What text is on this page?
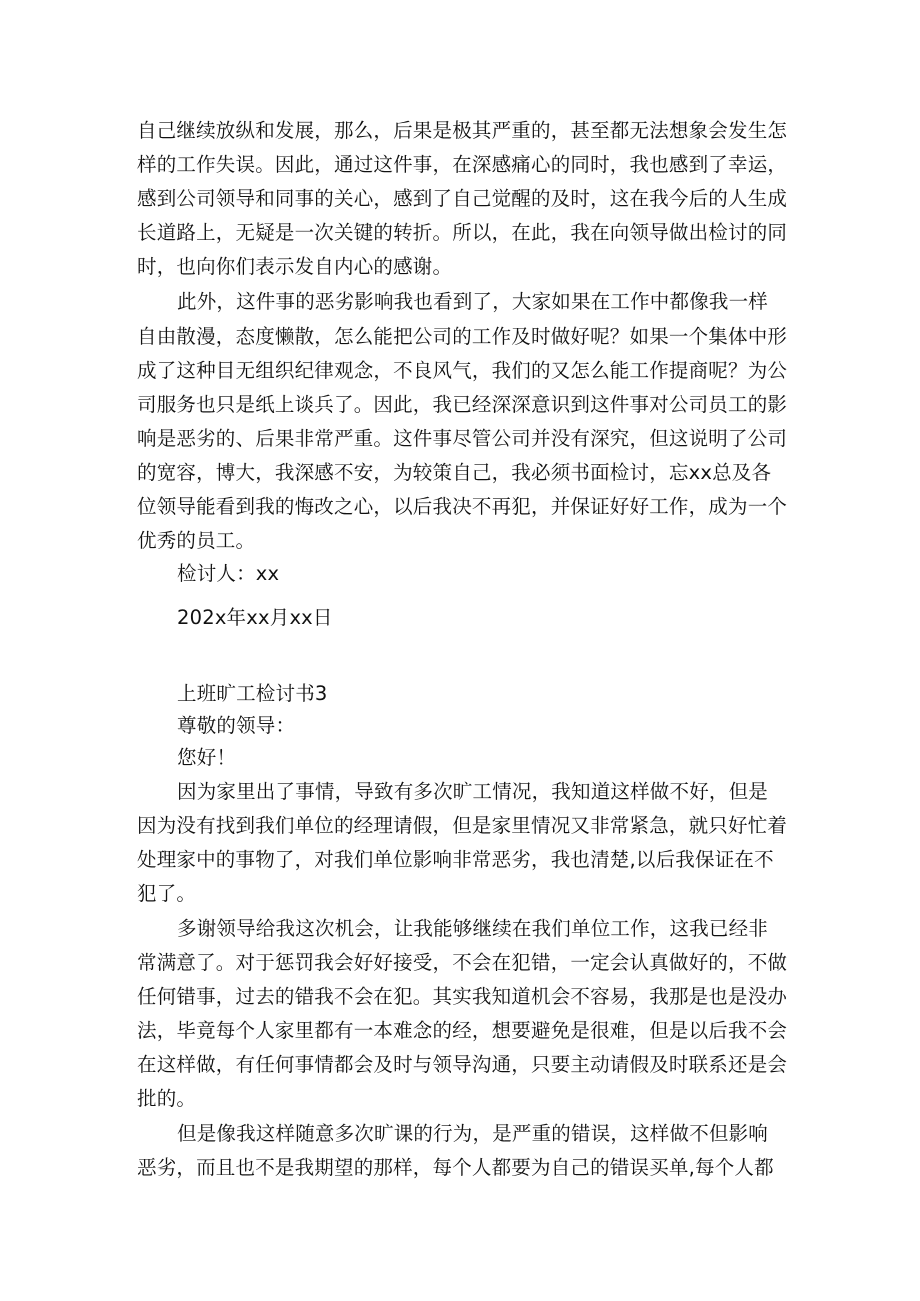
自己继续放纵和发展，那么，后果是极其严重的，甚至都无法想象会发生怎
样的工作失误。因此，通过这件事，在深感痛心的同时，我也感到了幸运，
感到公司领导和同事的关心，感到了自己觉醒的及时，这在我今后的人生成
长道路上，无疑是一次关键的转折。所以，在此，我在向领导做出检讨的同
时，也向你们表示发自内心的感谢。
此外，这件事的恶劣影响我也看到了，大家如果在工作中都像我一样
自由散漫，态度懒散，怎么能把公司的工作及时做好呢？如果一个集体中形
成了这种目无组织纪律观念，不良风气，我们的又怎么能工作提商呢？为公
司服务也只是纸上谈兵了。因此，我已经深深意识到这件事对公司员工的影
响是恶劣的、后果非常严重。这件事尽管公司并没有深究，但这说明了公司
的宽容，博大，我深感不安，为较策自己，我必须书面检讨，忘xx总及各
位领导能看到我的悔改之心，以后我决不再犯，并保证好好工作，成为一个
优秀的员工。
检讨人：xx
202x年xx月xx日
上班旷工检讨书3
尊敬的领导：
您好！
因为家里出了事情，导致有多次旷工情况，我知道这样做不好，但是
因为没有找到我们单位的经理请假，但是家里情况又非常紧急，就只好忙着
处理家中的事物了，对我们单位影响非常恶劣，我也清楚,以后我保证在不
犯了。
多谢领导给我这次机会，让我能够继续在我们单位工作，这我已经非
常满意了。对于惩罚我会好好接受，不会在犯错，一定会认真做好的，不做
任何错事，过去的错我不会在犯。其实我知道机会不容易，我那是也是没办
法，毕竟每个人家里都有一本难念的经，想要避免是很难，但是以后我不会
在这样做，有任何事情都会及时与领导沟通，只要主动请假及时联系还是会
批的。
但是像我这样随意多次旷课的行为，是严重的错误，这样做不但影响
恶劣，而且也不是我期望的那样，每个人都要为自己的错误买单,每个人都
